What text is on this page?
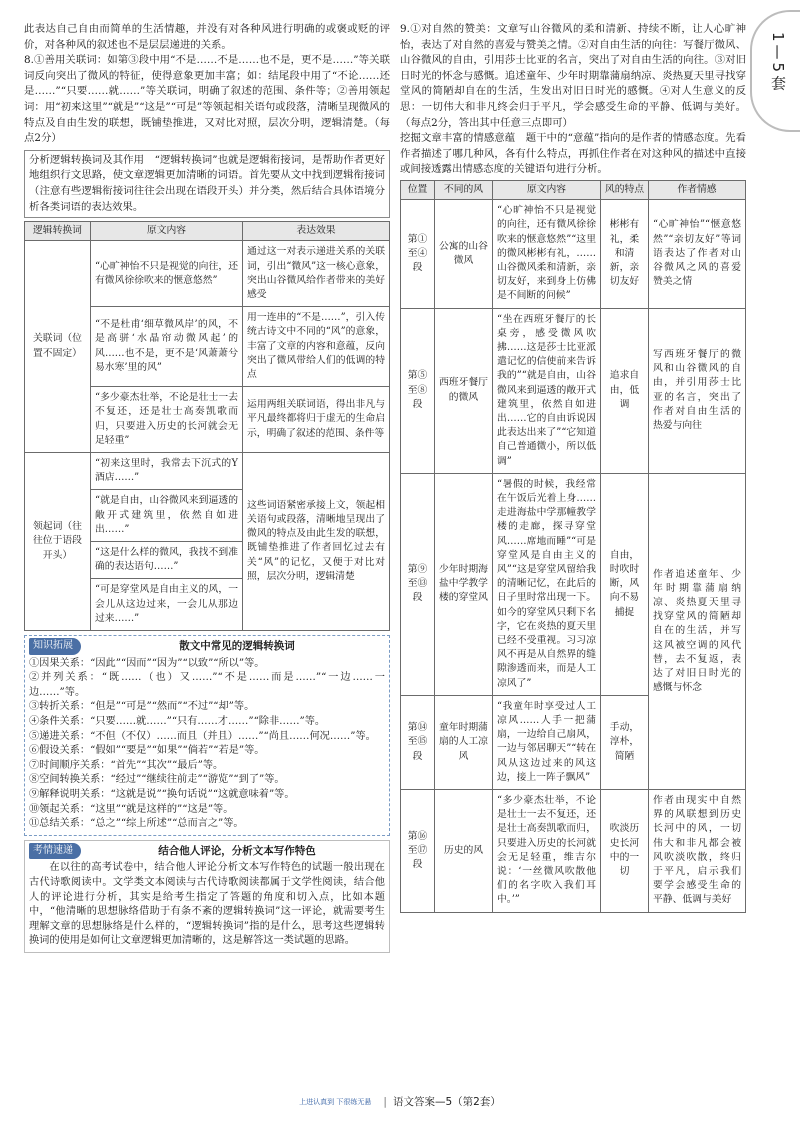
1—5套

此表达自己自由而简单的生活情趣，并没有对各种风进行明确的或褒或贬的评价，对各种风的叙述也不是层层递进的关系。

8.①善用关联词：如第③段中用“不是……不是……也不是，更不是……”等关联词反向突出了微风的特征，使得意象更加丰富；如：结尾段中用了“不论……还是……”“只要……就……”等关联词，明确了叙述的范围、条件等；②善用领起词：用“初来这里”“就是”“这是”“可是”等领起相关语句或段落，清晰呈现微风的特点及自由生发的联想，既铺垫推进，又对比对照，层次分明，逻辑清楚。（每点2分）

分析逻辑转换词及其作用　“逻辑转换词”也就是逻辑衔接词，是帮助作者更好地组织行文思路，使文章逻辑更加清晰的词语。首先要从文中找到逻辑衔接词（注意有些逻辑衔接词往往会出现在语段开头）并分类，然后结合具体语境分析各类词语的表达效果。
逻辑转换词	原文内容	表达效果
关联词（位置不固定）	“心旷神怡不只是视觉的向往，还有微风徐徐吹来的惬意悠然”	通过这一对表示递进关系的关联词，引出“微风”这一核心意象，突出山谷微风给作者带来的美好感受
	“不是杜甫‘细草微风岸’的风，不是高骈‘水晶帘动微风起’的风……也不是，更不是‘风萧萧兮易水寒’里的风”	用一连串的“不是……”，引入传统古诗文中不同的“风”的意象，丰富了文章的内容和意蕴，反向突出了微风带给人们的低调的特点
	“多少豪杰壮举，不论是壮士一去不复还，还是壮士高奏凯歌而归，只要进入历史的长河就会无足轻重”	运用两组关联词语，得出非凡与平凡最终都将归于虚无的生命启示，明确了叙述的范围、条件等
领起词（往往位于语段开头）	“初来这里时，我常去下沉式的Y酒店……”	这些词语紧密承接上文，领起相关语句或段落，清晰地呈现出了微风的特点及由此生发的联想，既铺垫推进了作者回忆过去有关“风”的记忆，又便于对比对照，层次分明，逻辑清楚
	“就是自由，山谷微风来到逼透的敞开式建筑里，依然自如进出……”	
	“这是什么样的微风，我找不到准确的表达语句……”	
	“可是穿堂风是自由主义的风，一会儿从这边过来，一会儿从那边过来……”	
知识拓展	散文中常见的逻辑转换词

①因果关系：“因此”“因而”“因为”“以致”“所以”等。

②并列关系：“既……（也）又……”“不是……而是……”“一边……一边……”等。

③转折关系：“但是”“可是”“然而”“不过”“却”等。

④条件关系：“只要……就……”“只有……才……”“除非……”等。

⑤递进关系：“不但（不仅）……而且（并且）……”“尚且……何况……”等。

⑥假设关系：“假如”“要是”“如果”“倘若”“若是”等。

⑦时间顺序关系：“首先”“其次”“最后”等。

⑧空间转换关系：“经过”“继续往前走”“游览”“到了”等。

⑨解释说明关系：“这就是说”“换句话说”“这就意味着”等。

⑩领起关系：“这里”“就是这样的”“这是”等。

⑪总结关系：“总之”“综上所述”“总而言之”等。

考情速递	结合他人评论，分析文本写作特色

在以往的高考试卷中，结合他人评论分析文本写作特色的试题一般出现在古代诗歌阅读中。文学类文本阅读与古代诗歌阅读都属于文学性阅读，结合他人的评论进行分析，其实是给考生指定了答题的角度和切入点，比如本题中，“他清晰的思想脉络借助于有条不紊的逻辑转换词”这一评论，就需要考生理解文章的思想脉络是什么样的，“逻辑转换词”指的是什么，思考这些逻辑转换词的使用是如何让文章逻辑更加清晰的，这是解答这一类试题的思路。

9.①对自然的赞美：文章写山谷微风的柔和清新、持续不断，让人心旷神怡，表达了对自然的喜爱与赞美之情。②对自由生活的向往：写餐厅微风、山谷微风的自由，引用莎士比亚的名言，突出了对自由生活的向往。③对旧日时光的怀念与感慨。追述童年、少年时期靠蒲扇纳凉、炎热夏天里寻找穿堂风的简陋却自在的生活，生发出对旧日时光的感慨。④对人生意义的反思：一切伟大和非凡终会归于平凡，学会感受生命的平静、低调与美好。（每点2分，答出其中任意三点即可）

挖掘文章丰富的情感意蕴　题干中的“意蕴”指向的是作者的情感态度。先看作者描述了哪几种风，各有什么特点，再抓住作者在对这种风的描述中直接或间接透露出情感态度的关键语句进行分析。

位置	不同的风	原文内容	风的特点	作者情感
第①至④段	公寓的山谷微风	“心旷神怡不只是视觉的向往，还有微风徐徐吹来的惬意悠然”“这里的微风彬彬有礼，……山谷微风柔和清新，亲切友好，来到身上仿佛是不间断的问候”	彬彬有礼，柔和清新，亲切友好	“心旷神怡”“惬意悠然”“亲切友好”等词语表达了作者对山谷微风之风的喜爱赞美之情
第⑤至⑧段	西班牙餐厅的微风	“坐在西班牙餐厅的长桌旁，感受微风吹拂……这是莎士比亚派遣记忆的信使前来告诉我的”“就是自由，山谷微风来到逼透的敞开式建筑里，依然自如进出……它的自由诉说因此表达出来了”“它知道自己普通微小，所以低调”	追求自由，低调	写西班牙餐厅的微风和山谷微风的自由，并引用莎士比亚的名言，突出了作者对自由生活的热爱与向往
第⑨至⑬段	少年时期海盐中学教学楼的穿堂风	“暑假的时候，我经常在午饭后光着上身……走进海盐中学那幢教学楼的走廊，探寻穿堂风……席地而睡”“可是穿堂风是自由主义的风”“这是穿堂风留给我的清晰记忆，在此后的日子里时常出现一下。如今的穿堂风只剩下名字，它在炎热的夏天里已经不受重视。习习凉风不再是从自然界的缝隙渗透而来，而是人工凉风了”	自由，时吹时断，风向不易捕捉	作者追述童年、少年时期靠蒲扇纳凉、炎热夏天里寻找穿堂风的简陋却自在的生活，并写这风被空调的风代替，去不复返，表达了对旧日时光的感慨与怀念
第⑭至⑮段	童年时期蒲扇的人工凉风	“我童年时享受过人工凉风……人手一把蒲扇，一边给自己扇风，一边与邻居聊天”“转在风从这边过来的风这边，接上一阵子飘风”	手动，淳朴，简陋	
第⑯至⑰段	历史的风	“多少豪杰壮举，不论是壮士一去不复还，还是壮士高奏凯歌而归，只要进入历史的长河就会无足轻重，维吉尔说：‘一丝微风吹散他们的名字吹入我们耳中。’”	吹淡历史长河中的一切	作者由现实中自然界的风联想到历史长河中的风，一切伟大和非凡都会被风吹淡吹散，终归于平凡，启示我们要学会感受生命的平静、低调与美好
上进认真到 下很练无悬 | 语文答案—5（第2套）
